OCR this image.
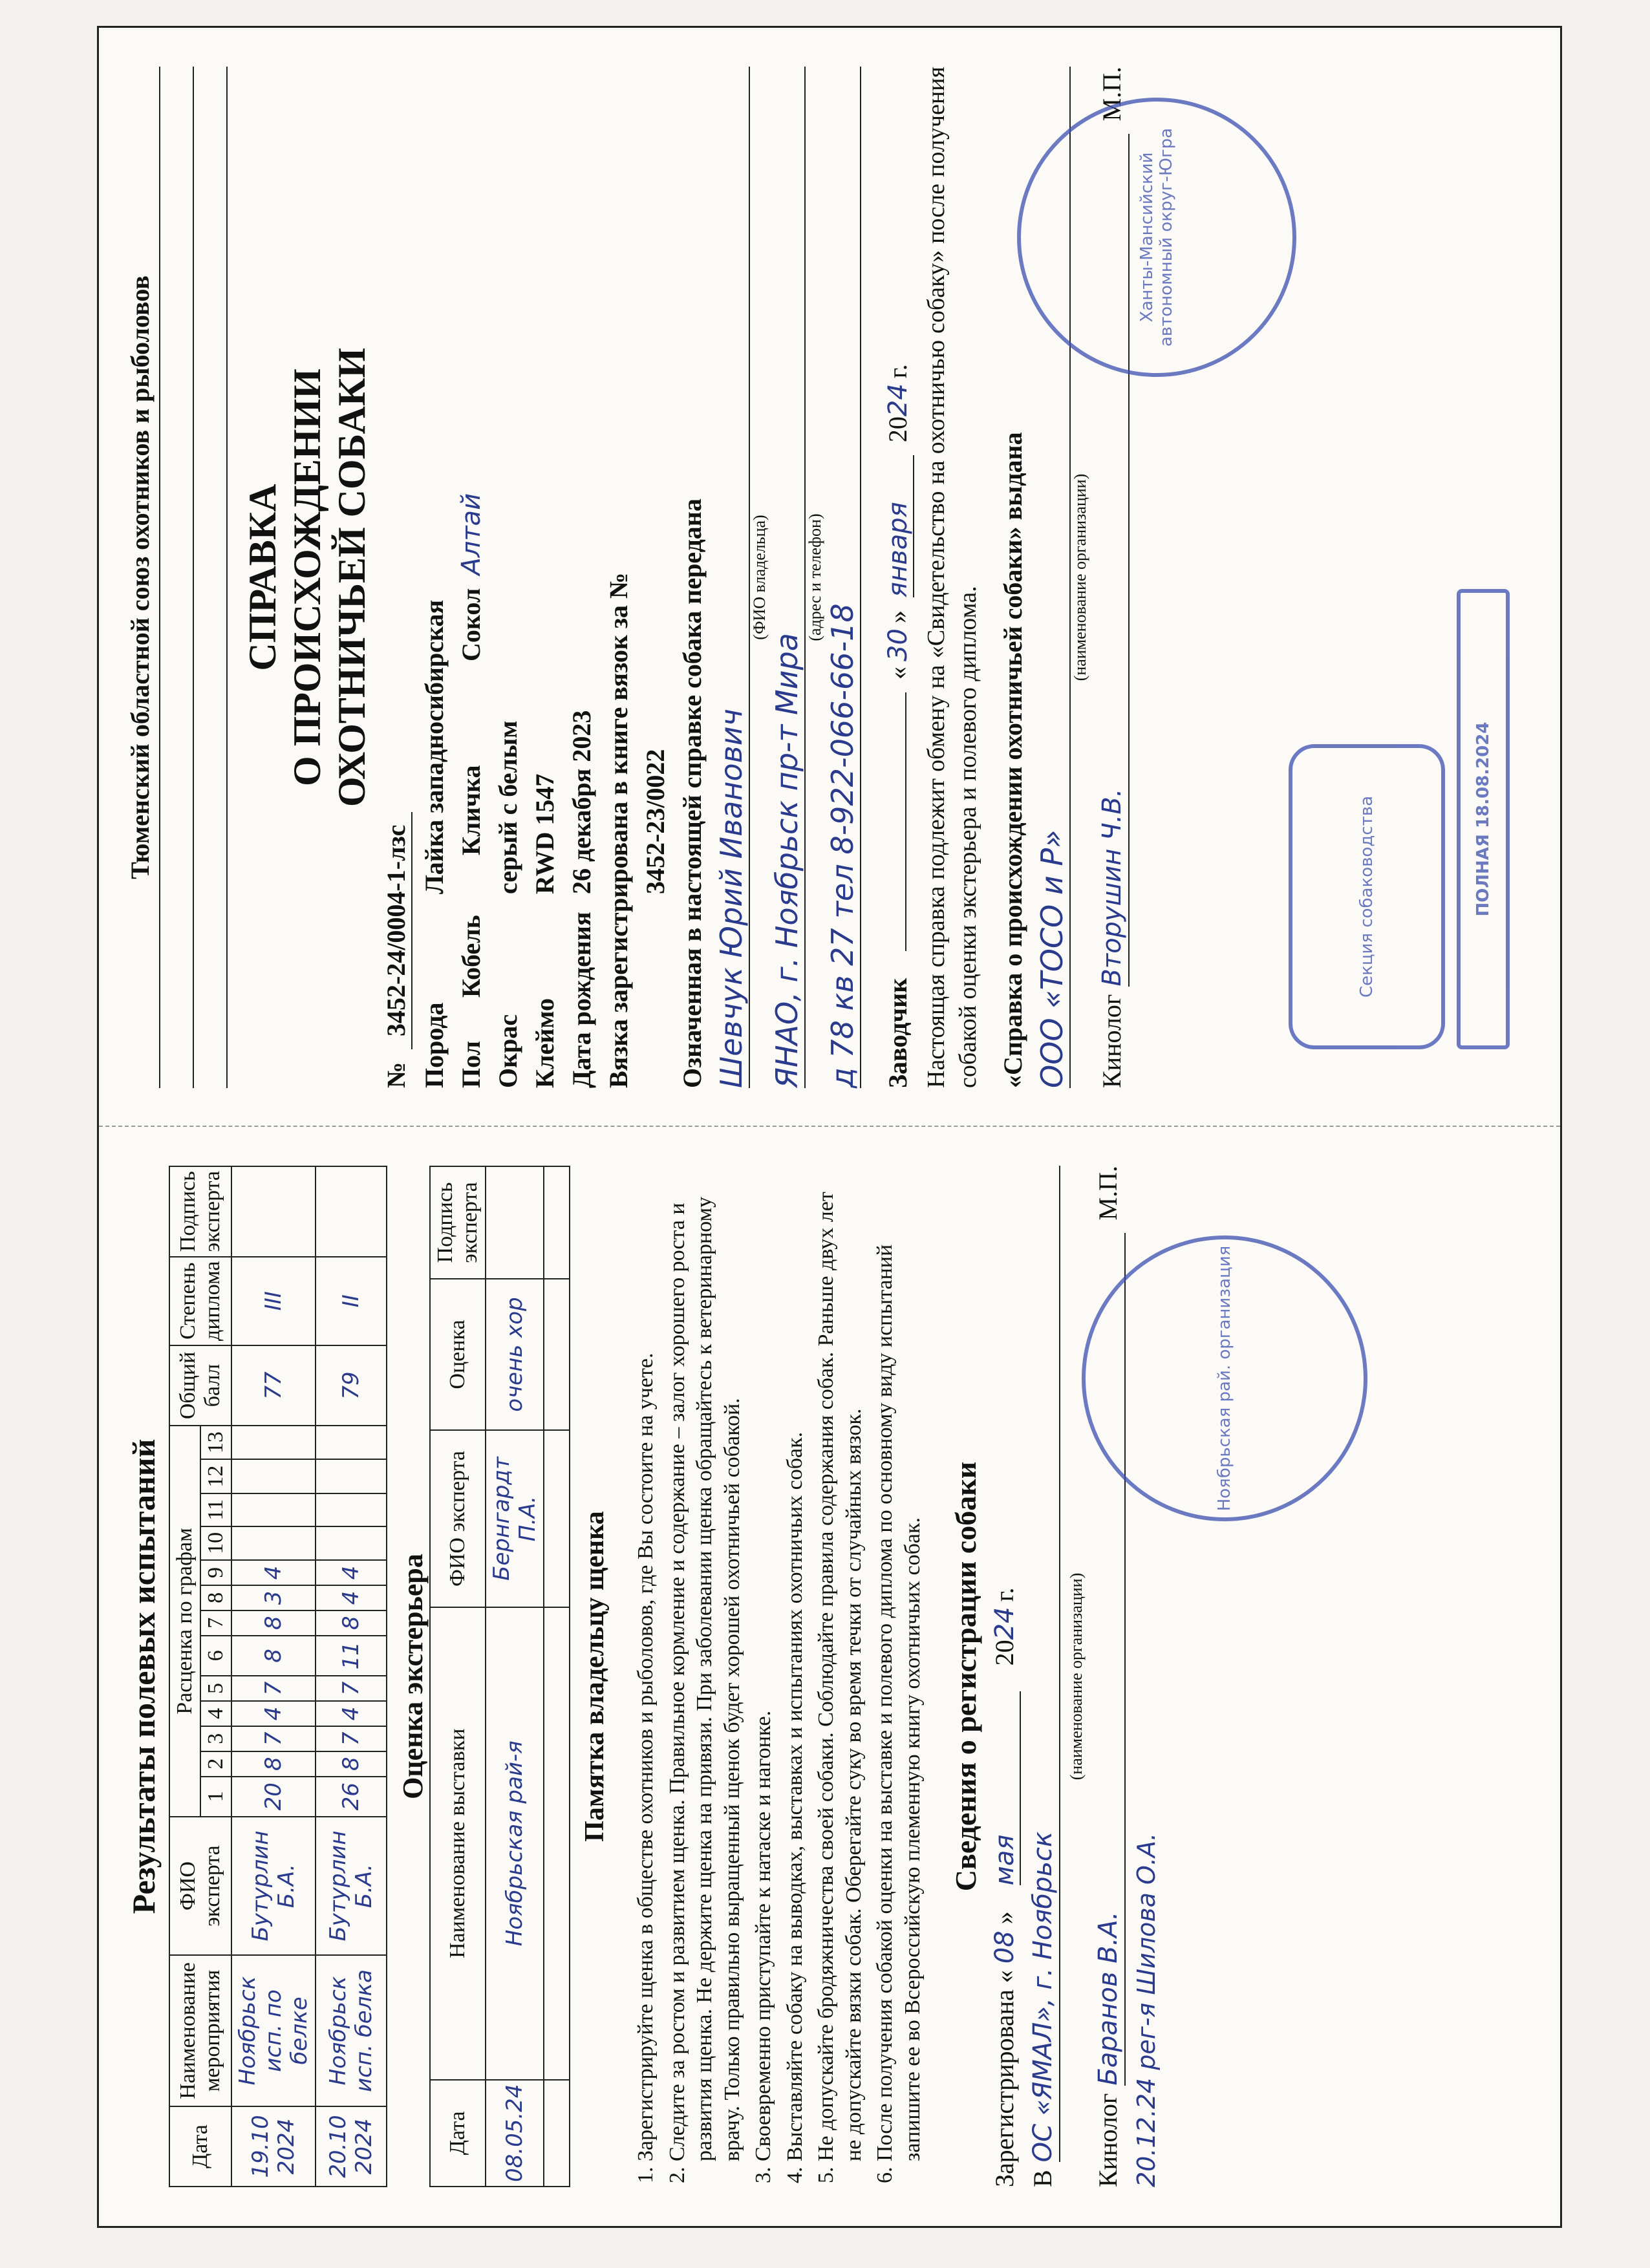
Результаты полевых испытаний
Дата	Наименование мероприятия	ФИО эксперта	Расценка по графам													Общий балл	Степень диплома	Подпись эксперта
			1	2	3	4	5	6	7	8	9	10	11	12	13			
19.10 2024	Ноябрьск исп. по белке	Бутурлин Б.А.	20	8	7	4	7	8	8	3	4					77	III	
20.10 2024	Ноябрьск исп. белка	Бутурлин Б.А.	26	8	7	4	7	11	8	4	4					79	II	
Оценка экстерьера
Дата	Наименование выставки	ФИО эксперта	Оценка	Подпись эксперта
08.05.24	Ноябрьская рай-я	Бернгардт П.А.	очень хор	

Памятка владельцу щенка 1. Зарегистрируйте щенка в обществе охотников и рыболовов, где Вы состоите на учете. 2. Следите за ростом и развитием щенка. Правильное кормление и содержание – залог хорошего роста и развития щенка. Не держите щенка на привязи. При заболевании щенка обращайтесь к ветеринарному врачу. Только правильно выращенный щенок будет хорошей охотничьей собакой. 3. Своевременно приступайте к натаске и нагонке. 4. Выставляйте собаку на выводках, выставках и испытаниях охотничьих собак. 5. Не допускайте бродяжничества своей собаки. Соблюдайте правила содержания собак. Раньше двух лет не допускайте вязки собак. Оберегайте суку во время течки от случайных вязок. 6. После получения собакой оценки на выставке и полевого диплома по основному виду испытаний запишите ее во Всероссийскую племенную книгу охотничьих собак. Сведения о регистрации собаки
Зарегистрирована «
08
»
мая
20
24
г.
В
ОС «ЯМАЛ», г. Ноябрьск
(наименование организации)
Кинолог
Баранов В.А.
М.П.
20.12.24 рег-я Шилова О.А.
Ноябрьская рай. организация
Тюменский областной союз охотников и рыболовов СПРАВКА О ПРОИСХОЖДЕНИИ ОХОТНИЧЬЕЙ СОБАКИ
№
3452-24/0004-1-лзс
Порода
Лайка западносибирская
Пол
Кобель
Кличка
Сокол
Алтай
Окрас
серый с белым
Клеймо
RWD 1547
Дата рождения
26 декабря 2023 Вязка зарегистрирована в книге вязок за № 3452-23/0022 Означенная в настоящей справке собака передана Шевчук Юрий Иванович
(ФИО владельца)
ЯНАО, г. Ноябрьск пр-т Мира
(адрес и телефон)
д 78 кв 27 тел 8-922-066-66-18 Заводчик
«
30
»
января
20
24
г. Настоящая справка подлежит обмену на «Свидетельство на охотничью собаку» после получения собакой оценки экстерьера и полевого диплома. «Справка о происхождении охотничьей собаки» выдана ООО «ТОСО и Р»
(наименование организации)
Кинолог
Вторушин Ч.В.
М.П.
Ханты-Мансийский автономный округ-Югра
Секция собаководства	ПОЛНАЯ 18.08.2024
